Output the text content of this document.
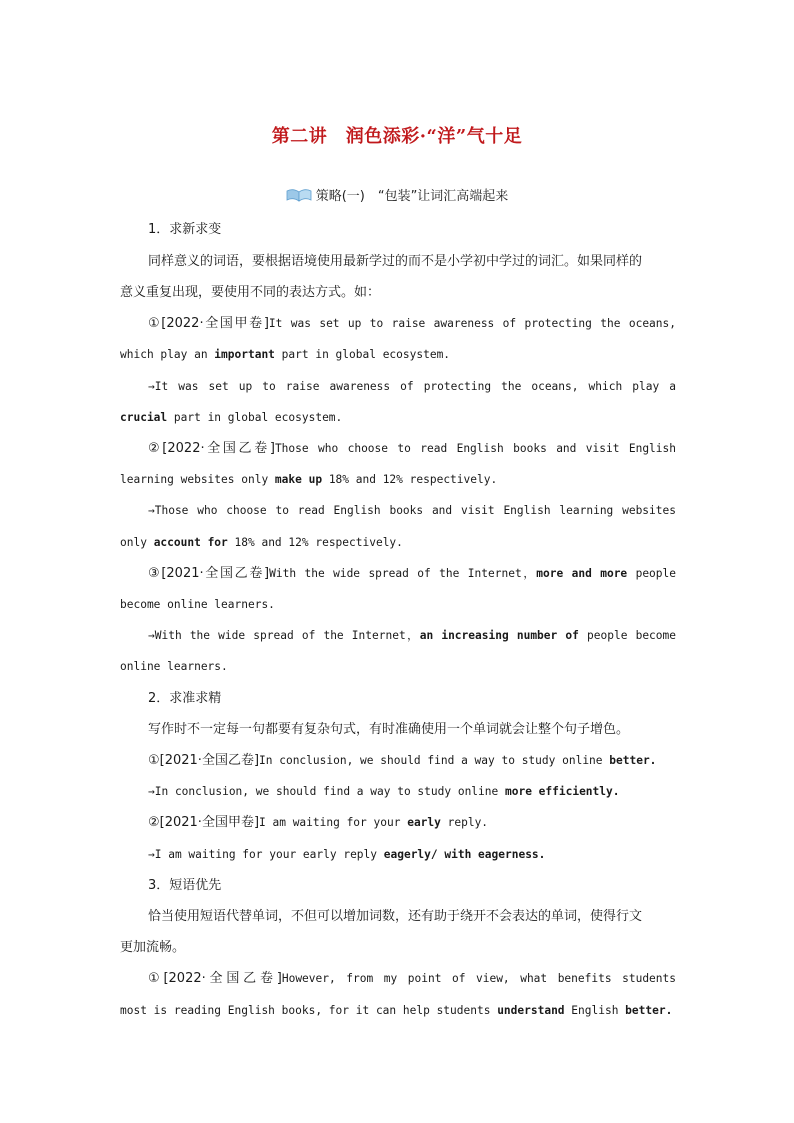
第二讲　润色添彩·“洋”气十足
策略(一)　“包装”让词汇高端起来
1．求新求变
同样意义的词语，要根据语境使用最新学过的而不是小学初中学过的词汇。如果同样的
意义重复出现，要使用不同的表达方式。如：
①[2022·全国甲卷]It was set up to raise awareness of protecting the oceans,
which play an important part in global ecosystem.
→It was set up to raise awareness of protecting the oceans, which play a
crucial part in global ecosystem.
②[2022·全国乙卷]Those who choose to read English books and visit English
learning websites only make up 18% and 12% respectively.
→Those who choose to read English books and visit English learning websites
only account for 18% and 12% respectively.
③[2021·全国乙卷]With the wide spread of the Internet，more and more people
become online learners.
→With the wide spread of the Internet，an increasing number of people become
online learners.
2．求准求精
写作时不一定每一句都要有复杂句式，有时准确使用一个单词就会让整个句子增色。
①[2021·全国乙卷]In conclusion, we should find a way to study online better.
→In conclusion, we should find a way to study online more efficiently.
②[2021·全国甲卷]I am waiting for your early reply.
→I am waiting for your early reply eagerly/ with eagerness.
3．短语优先
恰当使用短语代替单词，不但可以增加词数，还有助于绕开不会表达的单词，使得行文
更加流畅。
①[2022·全国乙卷]However, from my point of view, what benefits students
most is reading English books, for it can help students understand English better.
